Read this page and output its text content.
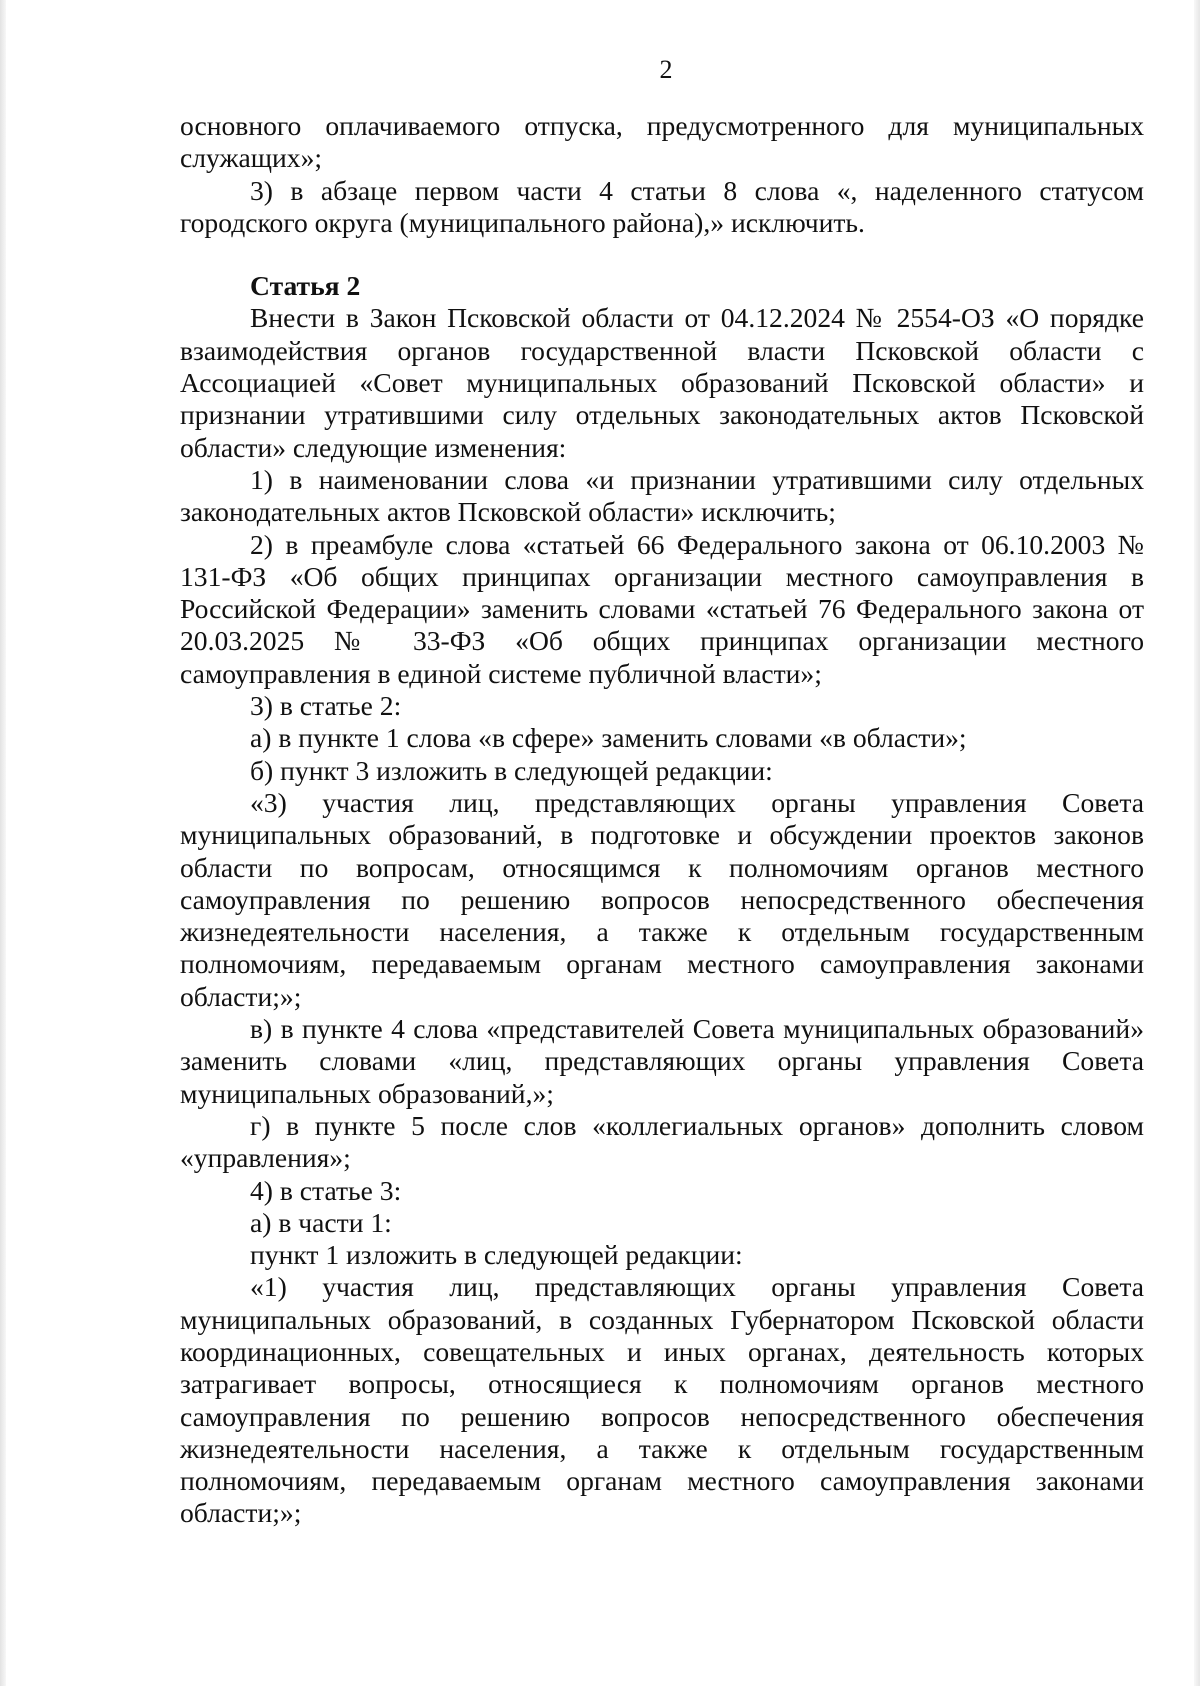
2

основного оплачиваемого отпуска, предусмотренного для муниципальных служащих»;

3) в абзаце первом части 4 статьи 8 слова «, наделенного статусом городского округа (муниципального района),» исключить.

Статья 2

Внести в Закон Псковской области от 04.12.2024 № 2554-ОЗ «О порядке взаимодействия органов государственной власти Псковской области с Ассоциацией «Совет муниципальных образований Псковской области» и признании утратившими силу отдельных законодательных актов Псковской области» следующие изменения:

1) в наименовании слова «и признании утратившими силу отдельных законодательных актов Псковской области» исключить;

2) в преамбуле слова «статьей 66 Федерального закона от 06.10.2003 № 131-ФЗ «Об общих принципах организации местного самоуправления в Российской Федерации» заменить словами «статьей 76 Федерального закона от 20.03.2025 № 33-ФЗ «Об общих принципах организации местного самоуправления в единой системе публичной власти»;

3) в статье 2:

а) в пункте 1 слова «в сфере» заменить словами «в области»;

б) пункт 3 изложить в следующей редакции:

«3) участия лиц, представляющих органы управления Совета муниципальных образований, в подготовке и обсуждении проектов законов области по вопросам, относящимся к полномочиям органов местного самоуправления по решению вопросов непосредственного обеспечения жизнедеятельности населения, а также к отдельным государственным полномочиям, передаваемым органам местного самоуправления законами области;»;

в) в пункте 4 слова «представителей Совета муниципальных образований» заменить словами «лиц, представляющих органы управления Совета муниципальных образований,»;

г) в пункте 5 после слов «коллегиальных органов» дополнить словом «управления»;

4) в статье 3:

а) в части 1:

пункт 1 изложить в следующей редакции:

«1) участия лиц, представляющих органы управления Совета муниципальных образований, в созданных Губернатором Псковской области координационных, совещательных и иных органах, деятельность которых затрагивает вопросы, относящиеся к полномочиям органов местного самоуправления по решению вопросов непосредственного обеспечения жизнедеятельности населения, а также к отдельным государственным полномочиям, передаваемым органам местного самоуправления законами области;»;
